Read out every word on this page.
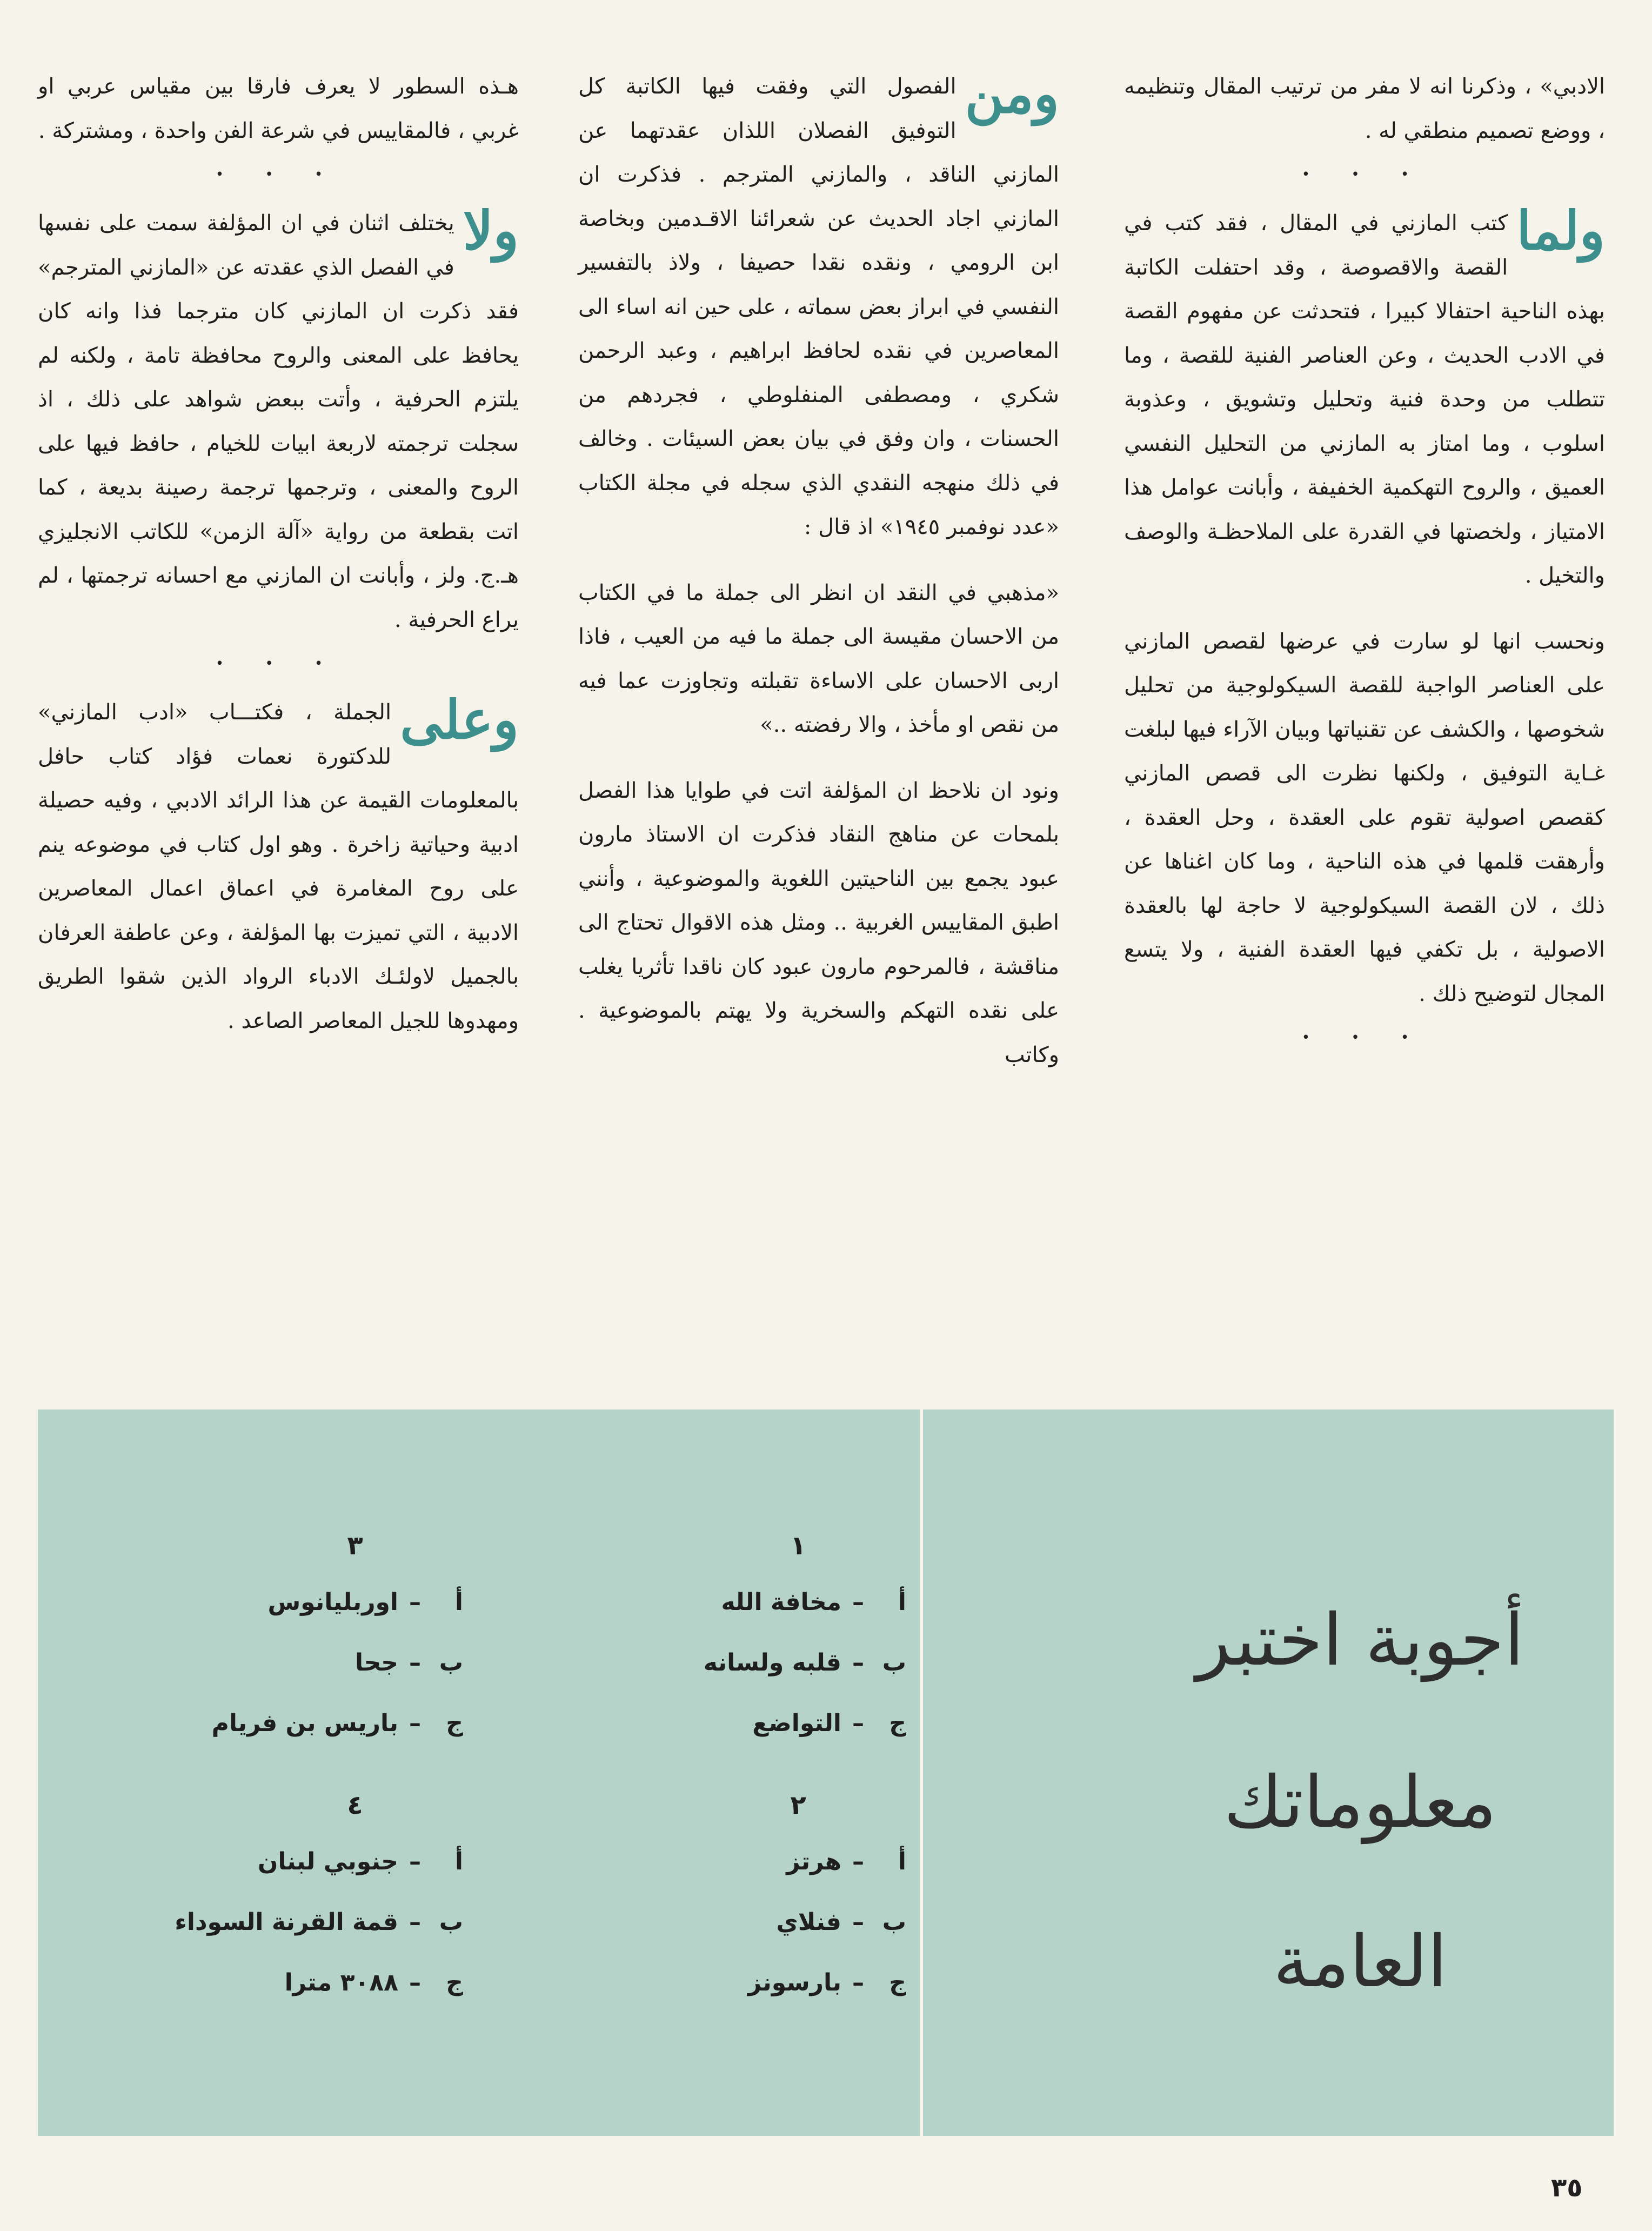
الادبي» ، وذكرنا انه لا مفر من ترتيب المقال وتنظيمه ، ووضع تصميم منطقي له .

• • •

ولما
كتب المازني في المقال ، فقد كتب في القصة والاقصوصة ، وقد احتفلت الكاتبة بهذه الناحية احتفالا كبيرا ، فتحدثت عن مفهوم القصة في الادب الحديث ، وعن العناصر الفنية للقصة ، وما تتطلب من وحدة فنية وتحليل وتشويق ، وعذوبة اسلوب ، وما امتاز به المازني من التحليل النفسي العميق ، والروح التهكمية الخفيفة ، وأبانت عوامل هذا الامتياز ، ولخصتها في القدرة على الملاحظـة والوصف والتخيل .

ونحسب انها لو سارت في عرضها لقصص المازني على العناصر الواجبة للقصة السيكولوجية من تحليل شخوصها ، والكشف عن تقنياتها وبيان الآراء فيها لبلغت غـاية التوفيق ، ولكنها نظرت الى قصص المازني كقصص اصولية تقوم على العقدة ، وحل العقدة ، وأرهقت قلمها في هذه الناحية ، وما كان اغناها عن ذلك ، لان القصة السيكولوجية لا حاجة لها بالعقدة الاصولية ، بل تكفي فيها العقدة الفنية ، ولا يتسع المجال لتوضيح ذلك .

• • •

ومن
الفصول التي وفقت فيها الكاتبة كل التوفيق الفصلان اللذان عقدتهما عن المازني الناقد ، والمازني المترجم . فذكرت ان المازني اجاد الحديث عن شعرائنا الاقـدمين وبخاصة ابن الرومي ، ونقده نقدا حصيفا ، ولاذ بالتفسير النفسي في ابراز بعض سماته ، على حين انه اساء الى المعاصرين في نقده لحافظ ابراهيم ، وعبد الرحمن شكري ، ومصطفى المنفلوطي ، فجردهم من الحسنات ، وان وفق في بيان بعض السيئات . وخالف في ذلك منهجه النقدي الذي سجله في مجلة الكتاب «عدد نوفمبر ١٩٤٥» اذ قال :

«مذهبي في النقد ان انظر الى جملة ما في الكتاب من الاحسان مقيسة الى جملة ما فيه من العيب ، فاذا اربى الاحسان على الاساءة تقبلته وتجاوزت عما فيه من نقص او مأخذ ، والا رفضته ..»

ونود ان نلاحظ ان المؤلفة اتت في طوايا هذا الفصل بلمحات عن مناهج النقاد فذكرت ان الاستاذ مارون عبود يجمع بين الناحيتين اللغوية والموضوعية ، وأنني اطبق المقاييس الغربية .. ومثل هذه الاقوال تحتاج الى مناقشة ، فالمرحوم مارون عبود كان ناقدا تأثريا يغلب على نقده التهكم والسخرية ولا يهتم بالموضوعية . وكاتب

هـذه السطور لا يعرف فارقا بين مقياس عربي او غربي ، فالمقاييس في شرعة الفن واحدة ، ومشتركة .

• • •

ولا
يختلف اثنان في ان المؤلفة سمت على نفسها في الفصل الذي عقدته عن «المازني المترجم» فقد ذكرت ان المازني كان مترجما فذا وانه كان يحافظ على المعنى والروح محافظة تامة ، ولكنه لم يلتزم الحرفية ، وأتت ببعض شواهد على ذلك ، اذ سجلت ترجمته لاربعة ابيات للخيام ، حافظ فيها على الروح والمعنى ، وترجمها ترجمة رصينة بديعة ، كما اتت بقطعة من رواية «آلة الزمن» للكاتب الانجليزي هـ.ج. ولز ، وأبانت ان المازني مع احسانه ترجمتها ، لم يراع الحرفية .

• • •

وعلى
الجملة ، فكتـــاب «ادب المازني» للدكتورة نعمات فؤاد كتاب حافل بالمعلومات القيمة عن هذا الرائد الادبي ، وفيه حصيلة ادبية وحياتية زاخرة . وهو اول كتاب في موضوعه ينم على روح المغامرة في اعماق اعمال المعاصرين الادبية ، التي تميزت بها المؤلفة ، وعن عاطفة العرفان بالجميل لاولئـك الادباء الرواد الذين شقوا الطريق ومهدوها للجيل المعاصر الصاعد .

أجوبة اختبر
معلوماتك
العامة
١
أ–مخافة الله
ب–قلبه ولسانه
ج–التواضع
٢
أ–هرتز
ب–فنلاي
ج–بارسونز
٣
أ–اوربليانوس
ب–جحا
ج–باريس بن فريام
٤
أ–جنوبي لبنان
ب–قمة القرنة السوداء
ج–٣٠٨٨ مترا
٣٥
